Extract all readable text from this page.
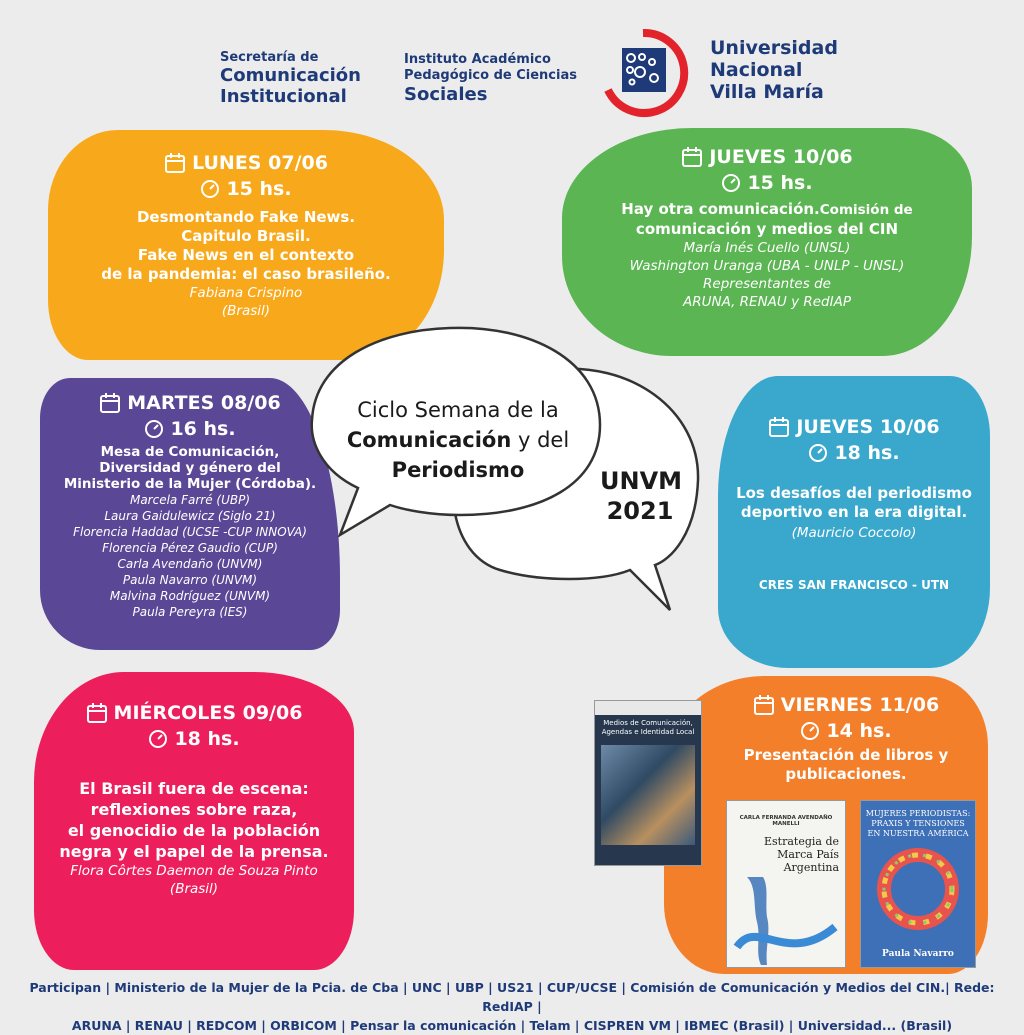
Secretaría de
Comunicación
Institucional
Instituto Académico
Pedagógico de Ciencias
Sociales
Universidad
Nacional
Villa María
LUNES 07/06
15 hs.
Desmontando Fake News.
Capitulo Brasil.
Fake News en el contexto
de la pandemia: el caso brasileño.
Fabiana Crispino
(Brasil)
JUEVES 10/06
15 hs.
Hay otra comunicación.Comisión de
comunicación y medios del CIN
María Inés Cuello (UNSL)
Washington Uranga (UBA - UNLP - UNSL)
Representantes de
ARUNA, RENAU y RedIAP
MARTES 08/06
16 hs.
Mesa de Comunicación,
Diversidad y género del
Ministerio de la Mujer (Córdoba).
Marcela Farré (UBP)
Laura Gaidulewicz (Siglo 21)
Florencia Haddad (UCSE -CUP INNOVA)
Florencia Pérez Gaudio (CUP)
Carla Avendaño (UNVM)
Paula Navarro (UNVM)
Malvina Rodríguez (UNVM)
Paula Pereyra (IES)
JUEVES 10/06
18 hs.
Los desafíos del periodismo
deportivo en la era digital.
(Mauricio Coccolo)
CRES SAN FRANCISCO - UTN
MIÉRCOLES 09/06
18 hs.
El Brasil fuera de escena:
reflexiones sobre raza,
el genocidio de la población
negra y el papel de la prensa.
Flora Côrtes Daemon de Souza Pinto
(Brasil)
VIERNES 11/06
14 hs.
Presentación de libros y
publicaciones.
Ciclo Semana de la
Comunicación y del
Periodismo	UNVM
2021
Medios de Comunicación, Agendas e Identidad Local
CARLA FERNANDA AVENDAÑO MANELLI
Estrategia de Marca País Argentina
MUJERES PERIODISTAS: PRAXIS Y TENSIONES EN NUESTRA AMÉRICA
Paula Navarro
Participan | Ministerio de la Mujer de la Pcia. de Cba | UNC | UBP | US21 | CUP/UCSE | Comisión de Comunicación y Medios del CIN.| Rede: RedIAP |
ARUNA | RENAU | REDCOM | ORBICOM | Pensar la comunicación | Telam | CISPREN VM | IBMEC (Brasil) | Universidad... (Brasil)
